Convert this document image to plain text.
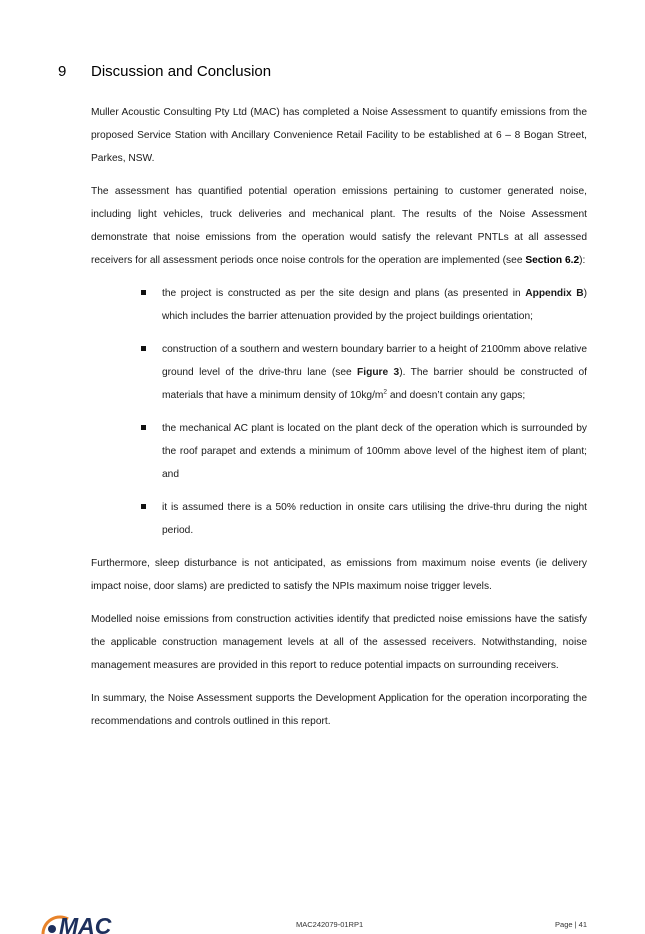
9	Discussion and Conclusion

Muller Acoustic Consulting Pty Ltd (MAC) has completed a Noise Assessment to quantify emissions from the proposed Service Station with Ancillary Convenience Retail Facility to be established at 6 – 8 Bogan Street, Parkes, NSW.

The assessment has quantified potential operation emissions pertaining to customer generated noise, including light vehicles, truck deliveries and mechanical plant. The results of the Noise Assessment demonstrate that noise emissions from the operation would satisfy the relevant PNTLs at all assessed receivers for all assessment periods once noise controls for the operation are implemented (see Section 6.2):

the project is constructed as per the site design and plans (as presented in Appendix B) which includes the barrier attenuation provided by the project buildings orientation;
construction of a southern and western boundary barrier to a height of 2100mm above relative ground level of the drive-thru lane (see Figure 3). The barrier should be constructed of materials that have a minimum density of $10kg/m^2$ and doesn’t contain any gaps;
the mechanical AC plant is located on the plant deck of the operation which is surrounded by the roof parapet and extends a minimum of 100mm above level of the highest item of plant; and
it is assumed there is a 50% reduction in onsite cars utilising the drive-thru during the night period.

Furthermore, sleep disturbance is not anticipated, as emissions from maximum noise events (ie delivery impact noise, door slams) are predicted to satisfy the NPIs maximum noise trigger levels.

Modelled noise emissions from construction activities identify that predicted noise emissions have the satisfy the applicable construction management levels at all of the assessed receivers. Notwithstanding, noise management measures are provided in this report to reduce potential impacts on surrounding receivers.

In summary, the Noise Assessment supports the Development Application for the operation incorporating the recommendations and controls outlined in this report.

MAC	MAC242079-01RP1	Page | 41
